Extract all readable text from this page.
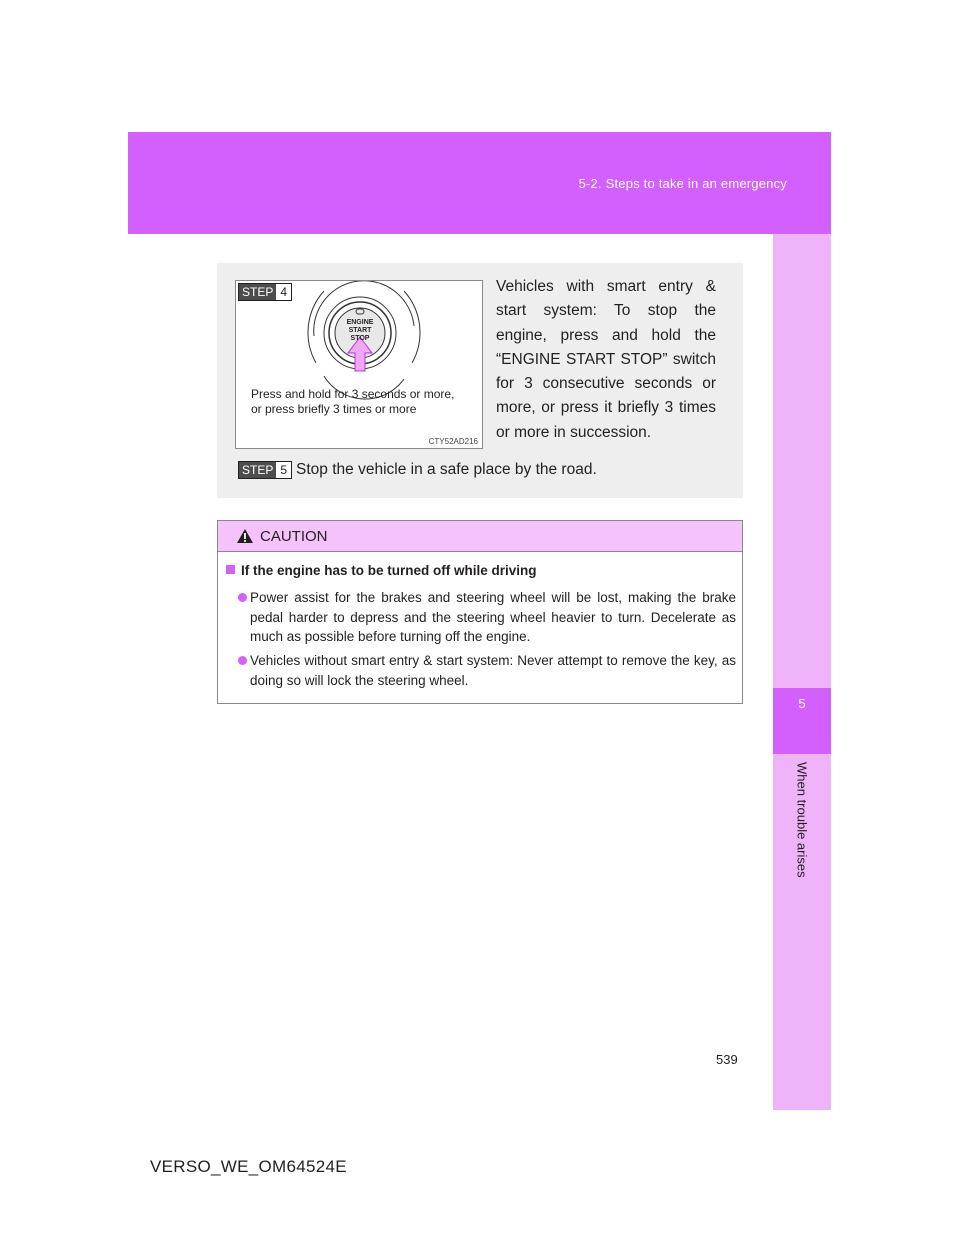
5-2. Steps to take in an emergency
5
When trouble arises
STEP 4
ENGINE
START
STOP
Press and hold for 3 seconds or more,
or press briefly 3 times or more
CTY52AD216
Vehicles with smart entry & start system: To stop the engine, press and hold the “ENGINE START STOP” switch for 3 consecutive seconds or more, or press it briefly 3 times or more in succession.
STEP 5 Stop the vehicle in a safe place by the road.
CAUTION
If the engine has to be turned off while driving
Power assist for the brakes and steering wheel will be lost, making the brake pedal harder to depress and the steering wheel heavier to turn. Decelerate as much as possible before turning off the engine.
Vehicles without smart entry & start system: Never attempt to remove the key, as doing so will lock the steering wheel.
539
VERSO_WE_OM64524E
